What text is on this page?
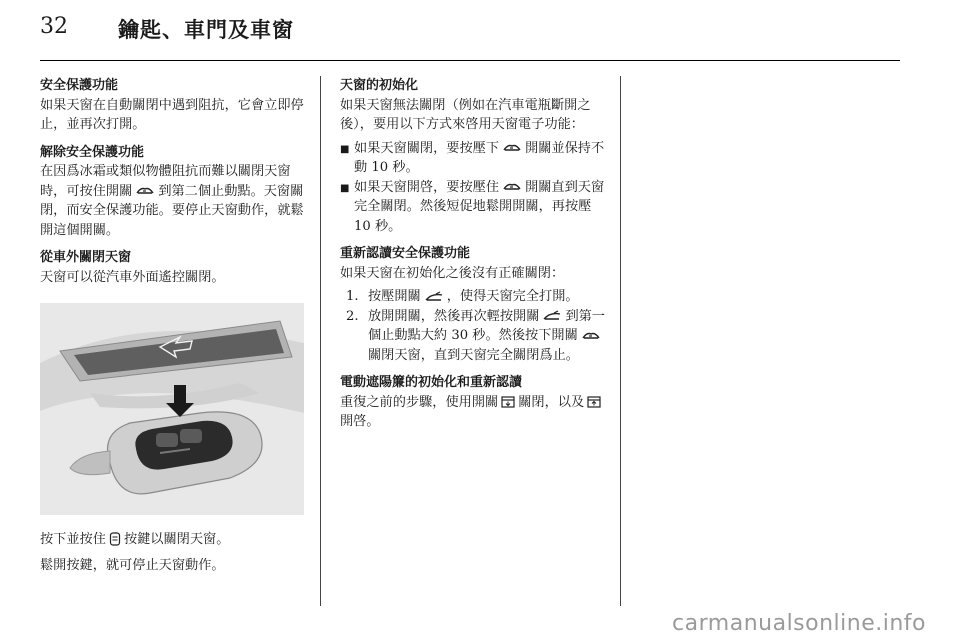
32 鑰匙、車門及車窗
安全保護功能
如果天窗在自動關閉中遇到阻抗，它會立即停止，並再次打開。
解除安全保護功能
在因爲冰霜或類似物體阻抗而難以關閉天窗時，可按住開關 到第二個止動點。天窗關閉，而安全保護功能。要停止天窗動作，就鬆開這個開關。
從車外關閉天窗
天窗可以從汽車外面遙控關閉。
按下並按住 按鍵以關閉天窗。
鬆開按鍵，就可停止天窗動作。
天窗的初始化
如果天窗無法關閉（例如在汽車電瓶斷開之後），要用以下方式來啓用天窗電子功能：
■ 如果天窗關閉，要按壓下 開關並保持不動 10 秒。
■ 如果天窗開啓，要按壓住 開關直到天窗完全關閉。然後短促地鬆開開關，再按壓 10 秒。
重新認讀安全保護功能
如果天窗在初始化之後沒有正確關閉：
1. 按壓開關 ，使得天窗完全打開。
2. 放開開關，然後再次輕按開關 到第一個止動點大約 30 秒。然後按下開關關閉天窗，直到天窗完全關閉爲止。
電動遮陽簾的初始化和重新認讀
重復之前的步驟，使用開關 關閉，以及開啓。
carmanualsonline.info
